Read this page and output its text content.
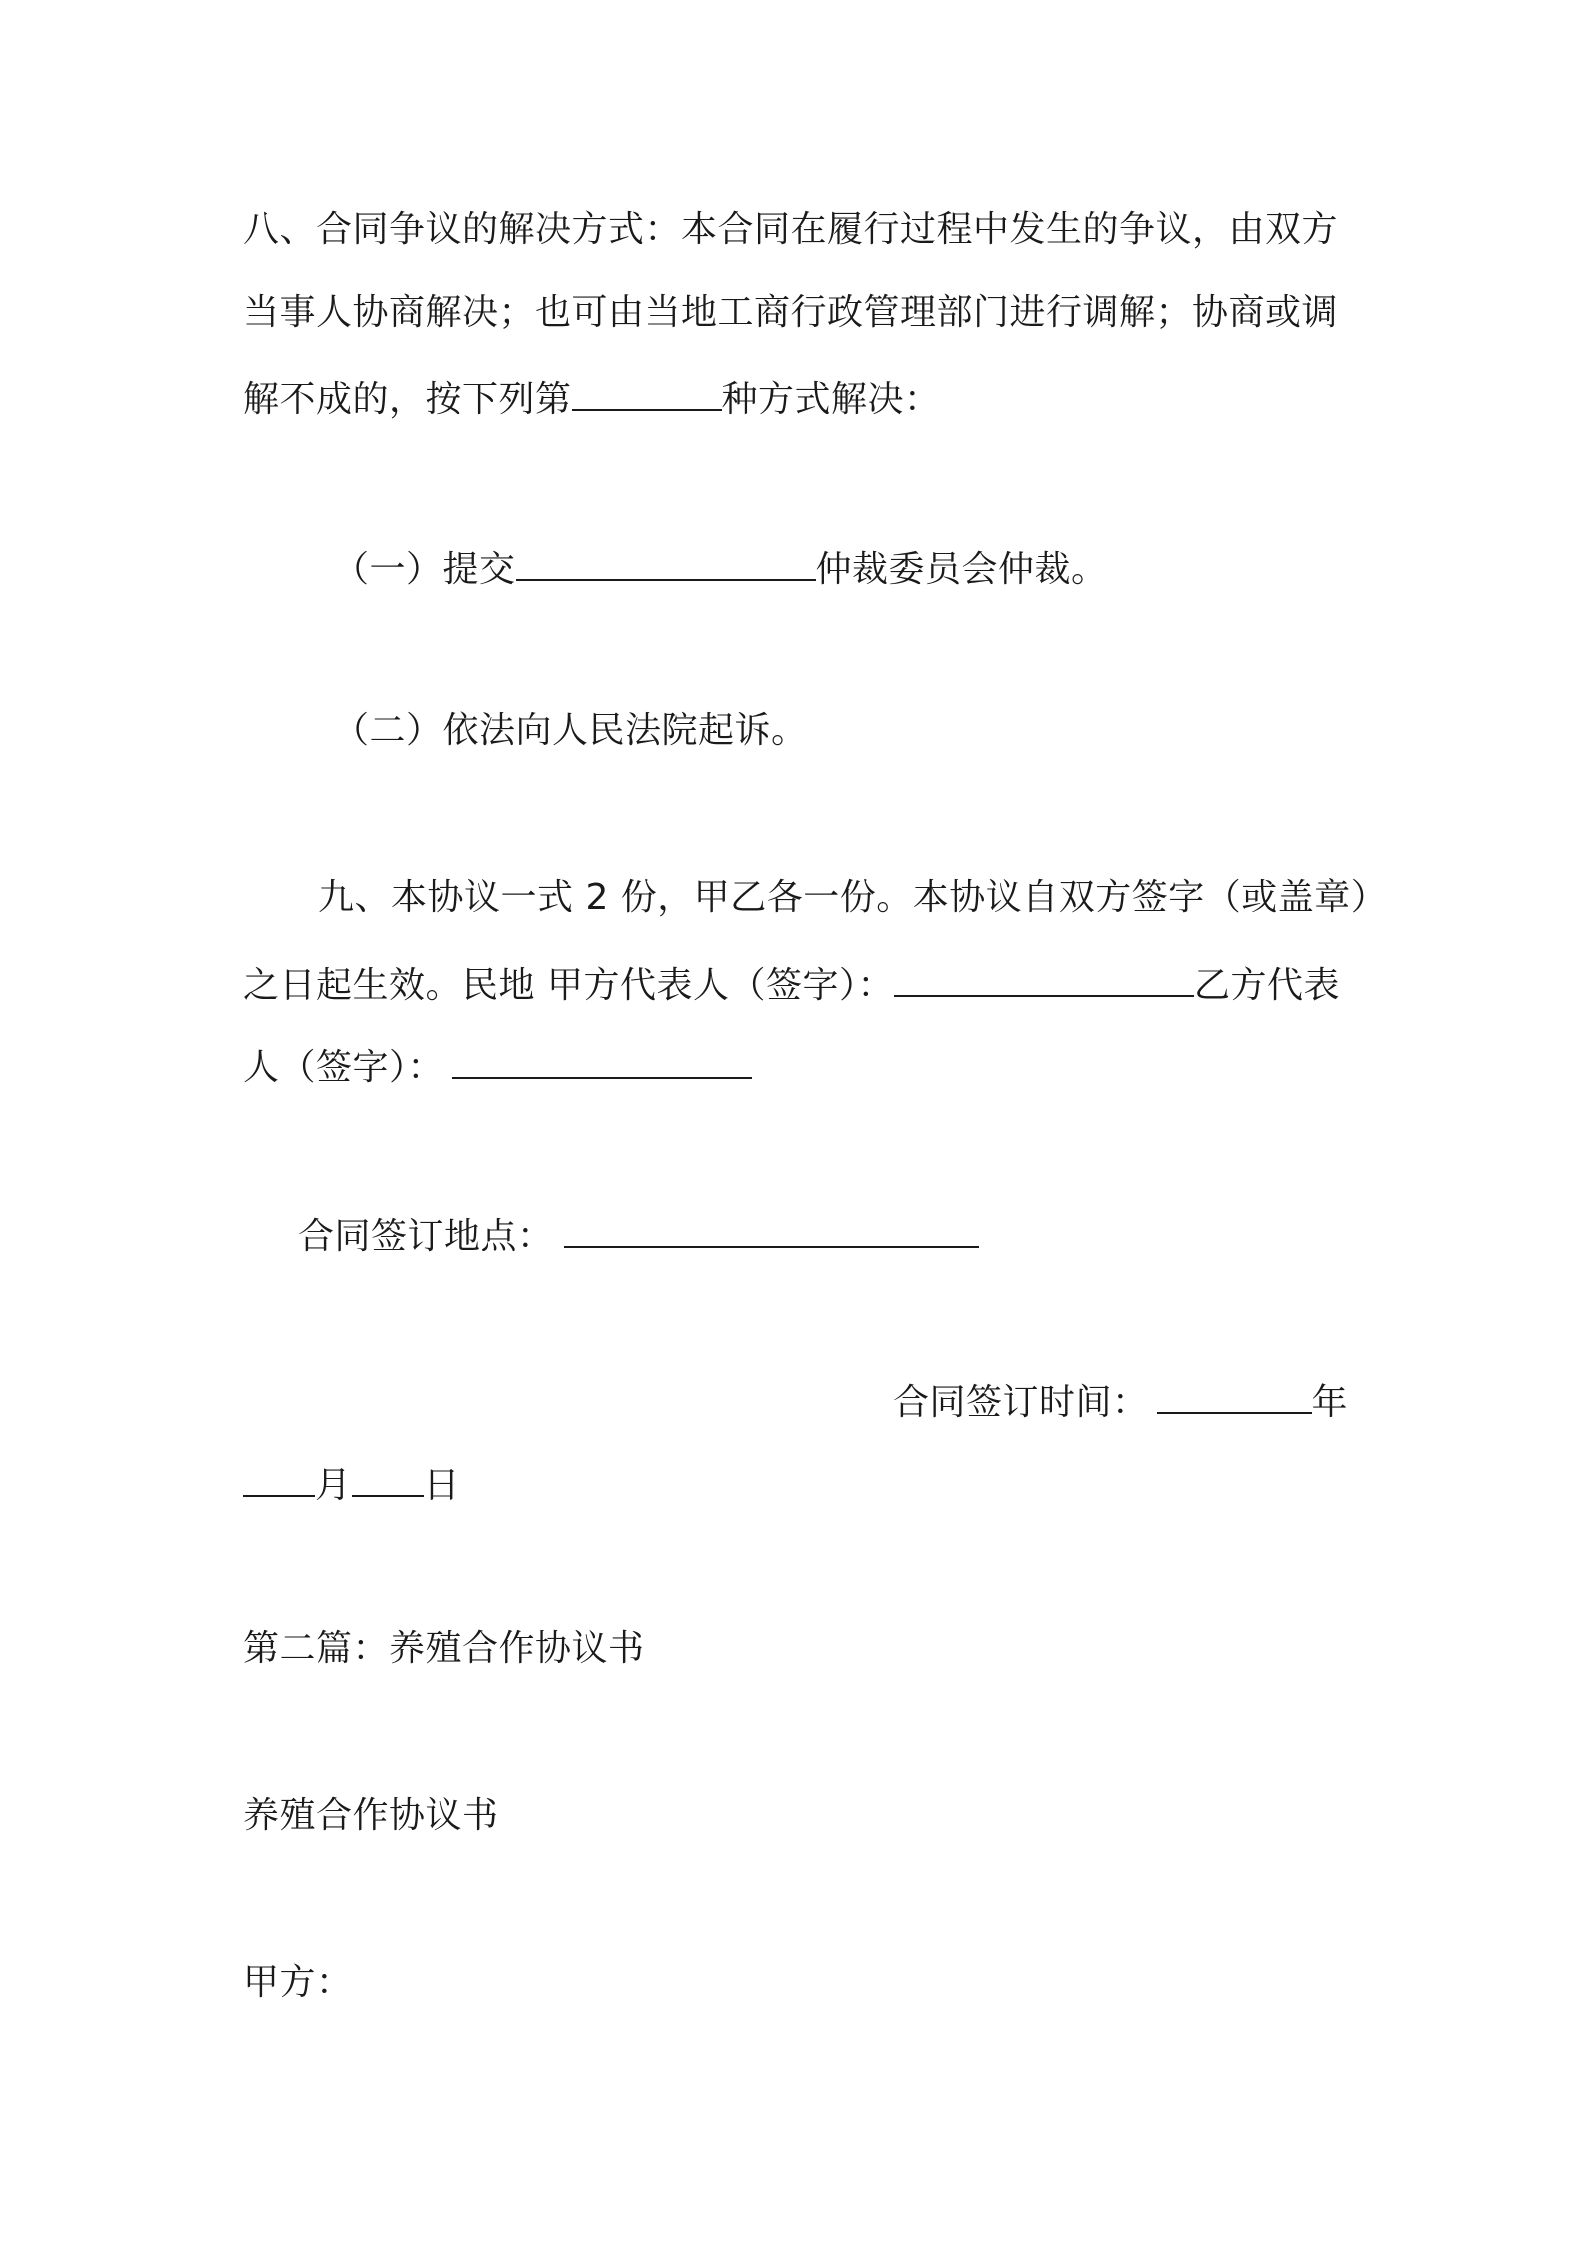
八、合同争议的解决方式：本合同在履行过程中发生的争议，由双方
当事人协商解决；也可由当地工商行政管理部门进行调解；协商或调
解不成的，按下列第	种方式解决：
（一）提交	仲裁委员会仲裁。
（二）依法向人民法院起诉。
九、本协议一式 2 份，甲乙各一份。本协议自双方签字（或盖章）
之日起生效。民地 甲方代表人（签字）：	乙方代表
人（签字）：
合同签订地点：
合同签订时间：	年
月 日
第二篇：养殖合作协议书
养殖合作协议书
甲方：
